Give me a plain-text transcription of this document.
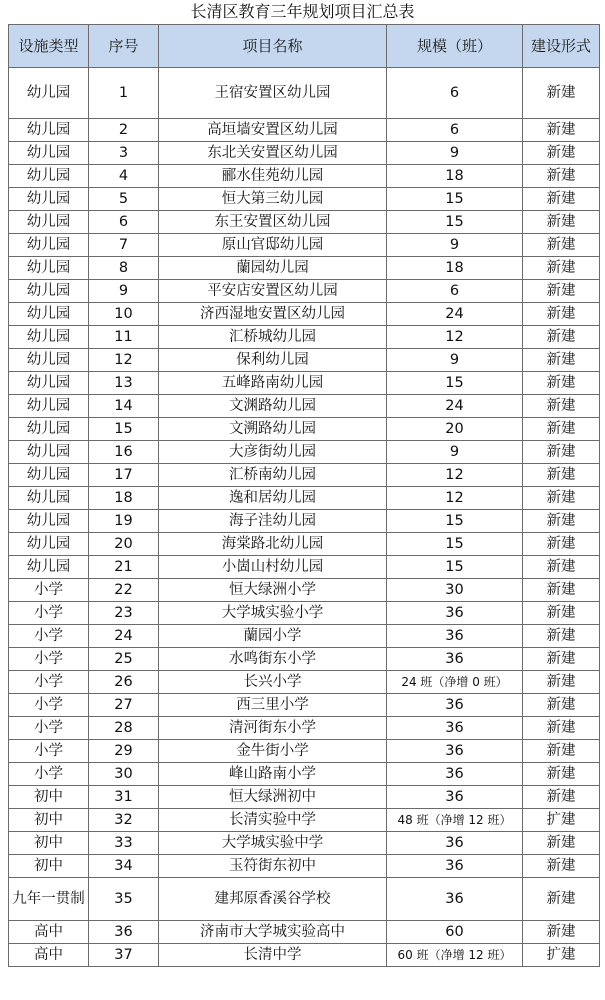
长清区教育三年规划项目汇总表
设施类型	序号	项目名称	规模（班）	建设形式
幼儿园	1	王宿安置区幼儿园	6	新建
幼儿园	2	高垣墙安置区幼儿园	6	新建
幼儿园	3	东北关安置区幼儿园	9	新建
幼儿园	4	郦水佳苑幼儿园	18	新建
幼儿园	5	恒大第三幼儿园	15	新建
幼儿园	6	东王安置区幼儿园	15	新建
幼儿园	7	原山官邸幼儿园	9	新建
幼儿园	8	蘭园幼儿园	18	新建
幼儿园	9	平安店安置区幼儿园	6	新建
幼儿园	10	济西湿地安置区幼儿园	24	新建
幼儿园	11	汇桥城幼儿园	12	新建
幼儿园	12	保利幼儿园	9	新建
幼儿园	13	五峰路南幼儿园	15	新建
幼儿园	14	文渊路幼儿园	24	新建
幼儿园	15	文溯路幼儿园	20	新建
幼儿园	16	大彦街幼儿园	9	新建
幼儿园	17	汇桥南幼儿园	12	新建
幼儿园	18	逸和居幼儿园	12	新建
幼儿园	19	海子洼幼儿园	15	新建
幼儿园	20	海棠路北幼儿园	15	新建
幼儿园	21	小崮山村幼儿园	15	新建
小学	22	恒大绿洲小学	30	新建
小学	23	大学城实验小学	36	新建
小学	24	蘭园小学	36	新建
小学	25	水鸣街东小学	36	新建
小学	26	长兴小学	24 班（净增 0 班）	新建
小学	27	西三里小学	36	新建
小学	28	清河街东小学	36	新建
小学	29	金牛街小学	36	新建
小学	30	峰山路南小学	36	新建
初中	31	恒大绿洲初中	36	新建
初中	32	长清实验中学	48 班（净增 12 班）	扩建
初中	33	大学城实验中学	36	新建
初中	34	玉符街东初中	36	新建
九年一贯制	35	建邦原香溪谷学校	36	新建
高中	36	济南市大学城实验高中	60	新建
高中	37	长清中学	60 班（净增 12 班）	扩建
